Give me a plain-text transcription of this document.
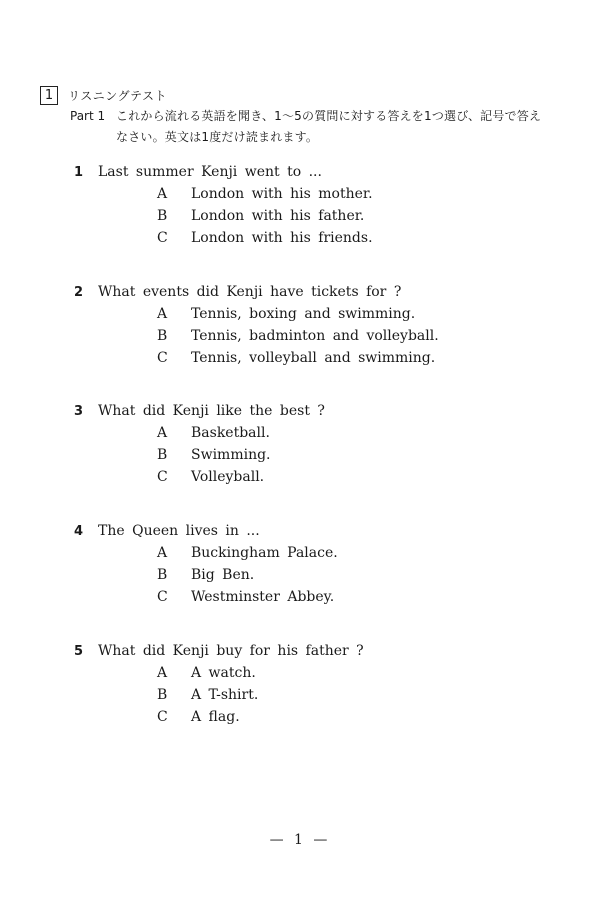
1	リスニングテスト
Part 1 これから流れる英語を聞き、1～5の質問に対する答えを1つ選び、記号で答えなさい。英文は1度だけ読まれます。
1	Last summer Kenji went to ...
A	London with his mother.
B	London with his father.
C	London with his friends.
2	What events did Kenji have tickets for ?
A	Tennis, boxing and swimming.
B	Tennis, badminton and volleyball.
C	Tennis, volleyball and swimming.
3	What did Kenji like the best ?
A	Basketball.
B	Swimming.
C	Volleyball.
4	The Queen lives in ...
A	Buckingham Palace.
B	Big Ben.
C	Westminster Abbey.
5	What did Kenji buy for his father ?
A	A watch.
B	A T-shirt.
C	A flag.
— 1 —
